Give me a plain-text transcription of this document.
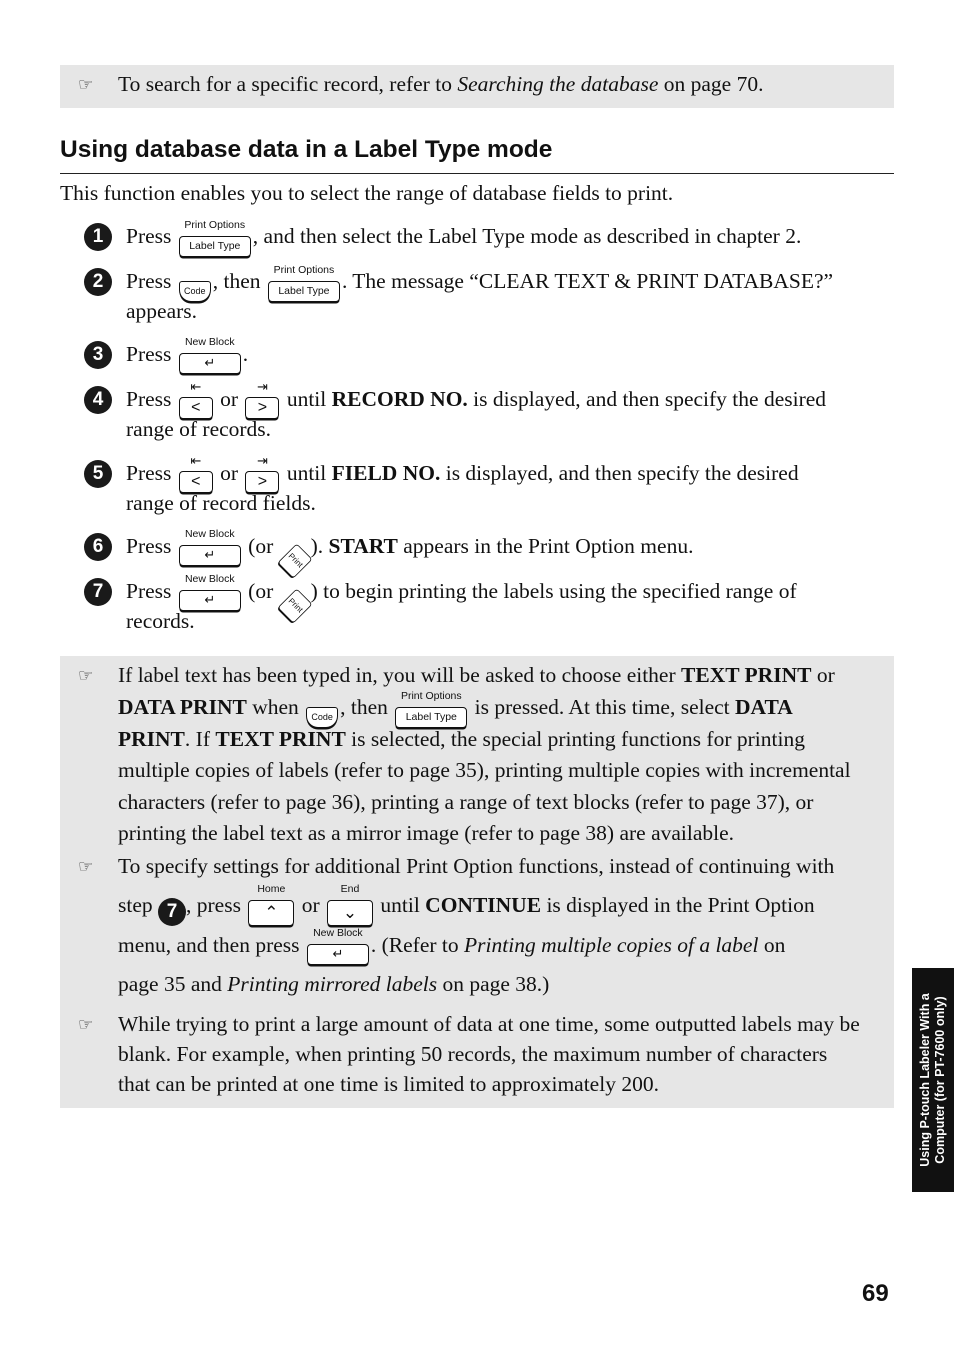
☞ To search for a specific record, refer to Searching the database on page 70.
Using database data in a Label Type mode
This function enables you to select the range of database fields to print.
1	Press Print Options
Label Type , and then select the Label Type mode as described in chapter 2.
2	Press Code , then Print Options
Label Type . The message “CLEAR TEXT & PRINT DATABASE?”
appears.
3	Press New Block
↵	.
4	Press
⇤
< or
⇥
> until RECORD NO. is displayed, and then specify the desired
range of records.
5	Press
⇤
< or
⇥
> until FIELD NO. is displayed, and then specify the desired
range of record fields.
6	Press New Block
↵	(or
Print
). START appears in the Print Option menu.
7	Press New Block
↵	(or
Print
) to begin printing the labels using the specified range of
records.
☞ If label text has been typed in, you will be asked to choose either TEXT PRINT or
DATA PRINT when Code , then Print Options
Label Type is pressed. At this time, select DATA
PRINT. If TEXT PRINT is selected, the special printing functions for printing
multiple copies of labels (refer to page 35), printing multiple copies with incremental
characters (refer to page 36), printing a range of text blocks (refer to page 37), or
printing the label text as a mirror image (refer to page 38) are available.
☞ To specify settings for additional Print Option functions, instead of continuing with
step 7 , press
Home
⌃ or
End
⌄ until CONTINUE is displayed in the Print Option
menu, and then press New Block
↵	. (Refer to Printing multiple copies of a label on
page 35 and Printing mirrored labels on page 38.)
☞ While trying to print a large amount of data at one time, some outputted labels may be
blank. For example, when printing 50 records, the maximum number of characters
that can be printed at one time is limited to approximately 200.	Using P-touch Labeler With a Computer (for PT-7600 only)
69
